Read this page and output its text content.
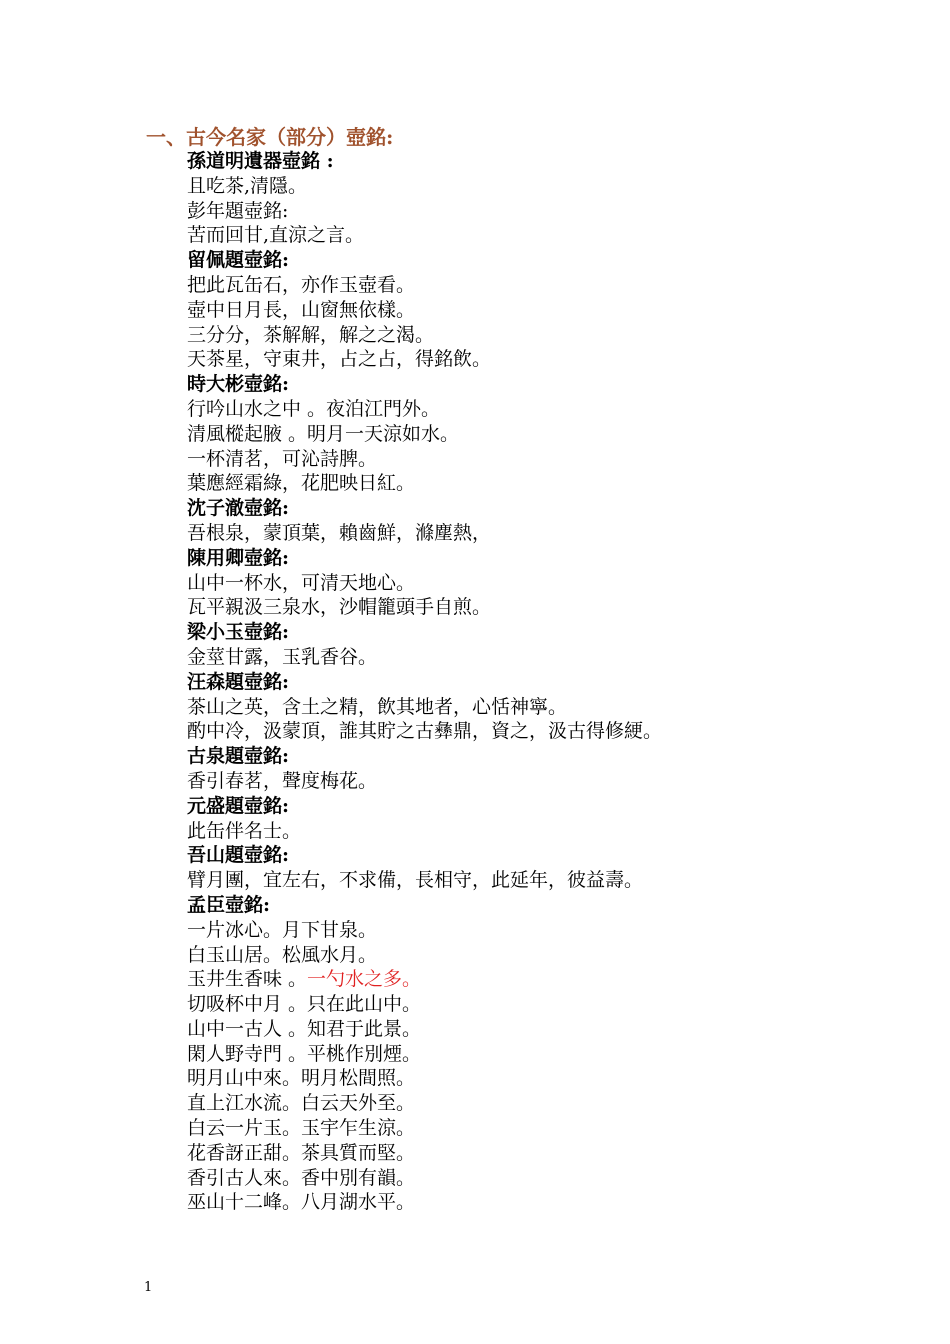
一、古今名家（部分）壺銘:
孫道明遺器壺銘 :
且吃茶,清隱。
彭年題壺銘:
苦而回甘,直涼之言。
留佩題壺銘:
把此瓦缶石，亦作玉壺看。
壺中日月長，山窗無依樣。
三分分，茶解解，解之之渴。
天茶星，守東井，占之占，得銘飲。
時大彬壺銘:
行吟山水之中 。夜泊江門外。
清風樅起腋 。明月一天涼如水。
一杯清茗，可沁詩脾。
葉應經霜綠，花肥映日紅。
沈子澈壺銘:
吾根泉，蒙頂葉，賴齒鮮，滌塵熱，
陳用卿壺銘:
山中一杯水，可清天地心。
瓦平親汲三泉水，沙帽籠頭手自煎。
梁小玉壺銘:
金莖甘露，玉乳香谷。
汪森題壺銘:
茶山之英，含土之精，飲其地者，心恬神寧。
酌中冷，汲蒙頂，誰其貯之古彝鼎，資之，汲古得修綆。
古泉題壺銘:
香引春茗，聲度梅花。
元盛題壺銘:
此缶伴名士。
吾山題壺銘:
臂月團，宜左右，不求備，長相守，此延年，彼益壽。
孟臣壺銘:
一片冰心。月下甘泉。
白玉山居。松風水月。
玉井生香味 。一勺水之多。
切吸杯中月 。只在此山中。
山中一古人 。知君于此景。
閑人野寺門 。平桃作別煙。
明月山中來。明月松間照。
直上江水流。白云天外至。
白云一片玉。玉宇乍生涼。
花香訝正甜。茶具質而堅。
香引古人來。香中別有韻。
巫山十二峰。八月湖水平。
1
